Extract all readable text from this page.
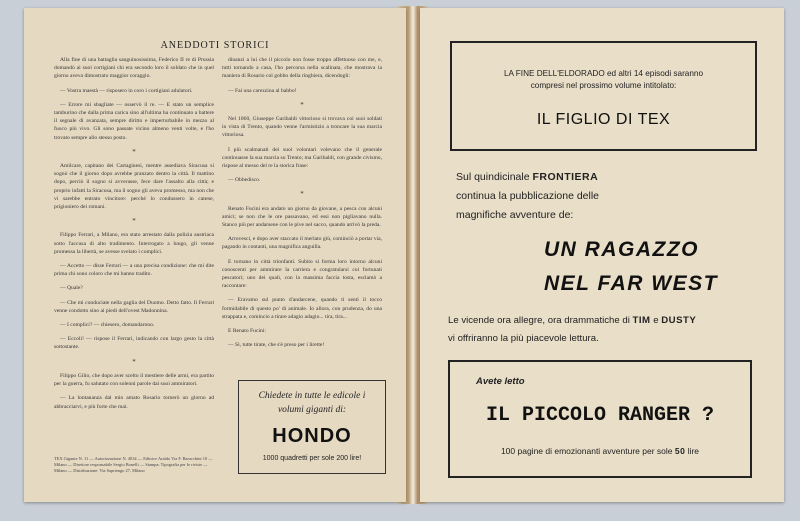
ANEDDOTI STORICI

Alla fine di una battaglia sanguinosissima, Federico II re di Prussia domandò ai suoi cortigiani chi era secondo loro il soldato che in quel giorno aveva dimostrato maggior coraggio.

— Vostra maestà — risposero in coro i cortigiani adulatori.

— Errore mi sbagliate — osservò il re. — E stato un semplice tamburino che dalla prima carica sino all'ultima ha continuato a battere il segnale di avanzata, sempre diritto e imperturbabile in mezzo al fuoco più vivo. Gli sono passate vicino almeno venti volte, e l'ho trovato sempre allo stesso posto.

*

Amilcare, capitano dei Cartaginesi, mentre assediava Siracusa si sognò che il giorno dopo avrebbe pranzato dentro la città. Il mattino dopo, perciò il sogno si avverasse, fece dare l'assalto alla città; e proprio infatti la Siracusa, ma il sogno gli aveva promesso, ma non che vi sarebbe entrato vincitore: perché lo condussero in catene, prigioniero dei romani.

*

Filippo Ferrari, a Milano, era stato arrestato dalla polizia austriaca sotto l'accusa di alto tradimento. Interrogato a lungo, gli venne promessa la libertà, se avesse svelato i complici.

— Accetto — disse Ferrari — a una precisa condizione: che mi dite prima chi sono coloro che mi hanno tradito.

— Quale?

— Che mi conduciate nella gaglia del Duomo. Detto fatto. Il Ferrari venne condotto sino ai piedi dell'ovest Madonnina.

— I complici? — chiesero, domandarono.

— Eccoli! — rispose il Ferrari, indicando con largo gesto la città sottostante.

*

Filippo Gilio, che dopo aver scelto il mestiere delle armi, era partito per la guerra, fu salutato con solenni parole dai suoi ammiratori.

— La lontananza dal mio amato Rosario tornerò un giorno ad abbracciarvi, e più forte che mai.

dinanzi a lui che il piccolo non fosse troppo affettuoso con me, e, tutti tornando a casa, l'ho percorsa nella scalinata, che mostrava la maniera di Rosario col gobbo della ringhiera, dicendogli:

— Fai una carezzina al babbo!

*

Nel 1860, Giuseppe Garibaldi vittorioso si trovava coi suoi soldati in vista di Trento, quando venne l'armistizio a troncare la sua marcia vittoriosa.

I più scalmanati dei suoi volontari volevano che il generale continuasse la sua marcia su Trento; ma Garibaldi, con grande civismo, rispose al messo del re la storica frase:

— Obbedisco.

*

Renato Fucini era andato un giorno da giovane, a pesca con alcuni amici; se non che le ore passavano, ed essi non pigliavano nulla. Stanco più per andarsene con le pive nel sacco, quando arrivò la preda.

Arrovesci, e dopo aver staccato il merlato giù, cominciò a portar via, pagando in contanti, una magnifica anguilla.

E tornano in città trionfanti. Subito si forma loro intorno alcuni conoscenti per ammirare la carriera e congratularsi coi fortunati pescatori; uno dei quali, con la massima faccia tosta, esclamò a raccontare:

— Eravamo sul punto d'andarcene, quando ti senti il tocco formidabile di questo po' di animale. Io allora, con prudenza, do una strappata e, comincio a tirare adagio adagio... tira, tira...

E Renato Fucini:

— Sì, tutte tirate, che s'è preso per i lirette!

TEX Gigante N. 11 — Autorizzazione N. 4034 — Editrice Araldo Via F. Baracchini 10 — Milano — Direttore responsabile Sergio Bonelli — Stampa: Tipografia per le riviste — Milano — Distribuzione: Via Sapriengo 27, Milano
Chiedete in tutte le edicole i
volumi giganti di:
HONDO
1000 quadretti per sole 200 lire!
LA FINE DELL'ELDORADO ed altri 14 episodi saranno
compresi nel prossimo volume intitolato:
IL FIGLIO DI TEX
Sul quindicinale FRONTIERA
continua la pubblicazione delle
magnifiche avventure de:
UN RAGAZZO
NEL FAR WEST
Le vicende ora allegre, ora drammatiche di TIM e DUSTY
vi offriranno la più piacevole lettura.
Avete letto
IL PICCOLO RANGER ?
100 pagine di emozionanti avventure per sole 50 lire
